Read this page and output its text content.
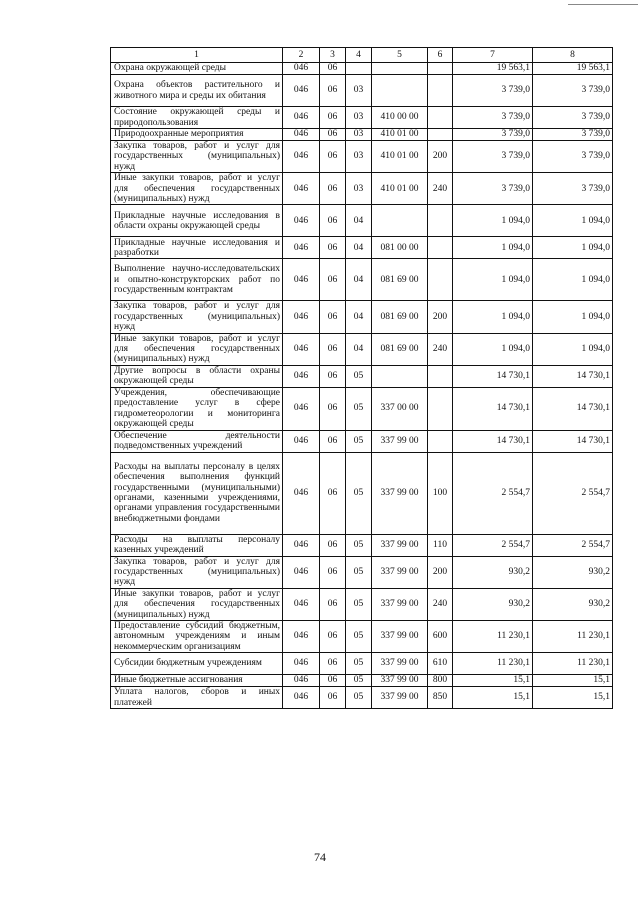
1	2	3	4	5	6	7	8
Охрана окружающей среды	046	06				19 563,1	19 563,1
Охрана объектов растительного и животного мира и среды их обитания	046	06	03			3 739,0	3 739,0
Состояние окружающей среды и природопользования	046	06	03	410 00 00		3 739,0	3 739,0
Природоохранные мероприятия	046	06	03	410 01 00		3 739,0	3 739,0
Закупка товаров, работ и услуг для государственных (муниципальных) нужд	046	06	03	410 01 00	200	3 739,0	3 739,0
Иные закупки товаров, работ и услуг для обеспечения государственных (муниципальных) нужд	046	06	03	410 01 00	240	3 739,0	3 739,0
Прикладные научные исследования в области охраны окружающей среды	046	06	04			1 094,0	1 094,0
Прикладные научные исследования и разработки	046	06	04	081 00 00		1 094,0	1 094,0
Выполнение научно-исследовательских и опытно-конструкторских работ по государственным контрактам	046	06	04	081 69 00		1 094,0	1 094,0
Закупка товаров, работ и услуг для государственных (муниципальных) нужд	046	06	04	081 69 00	200	1 094,0	1 094,0
Иные закупки товаров, работ и услуг для обеспечения государственных (муниципальных) нужд	046	06	04	081 69 00	240	1 094,0	1 094,0
Другие вопросы в области охраны окружающей среды	046	06	05			14 730,1	14 730,1
Учреждения, обеспечивающие предоставление услуг в сфере гидрометеорологии и мониторинга окружающей среды	046	06	05	337 00 00		14 730,1	14 730,1
Обеспечение деятельности подведомственных учреждений	046	06	05	337 99 00		14 730,1	14 730,1
Расходы на выплаты персоналу в целях обеспечения выполнения функций государственными (муниципальными) органами, казенными учреждениями, органами управления государственными внебюджетными фондами	046	06	05	337 99 00	100	2 554,7	2 554,7
Расходы на выплаты персоналу казенных учреждений	046	06	05	337 99 00	110	2 554,7	2 554,7
Закупка товаров, работ и услуг для государственных (муниципальных) нужд	046	06	05	337 99 00	200	930,2	930,2
Иные закупки товаров, работ и услуг для обеспечения государственных (муниципальных) нужд	046	06	05	337 99 00	240	930,2	930,2
Предоставление субсидий бюджетным, автономным учреждениям и иным некоммерческим организациям	046	06	05	337 99 00	600	11 230,1	11 230,1
Субсидии бюджетным учреждениям	046	06	05	337 99 00	610	11 230,1	11 230,1
Иные бюджетные ассигнования	046	06	05	337 99 00	800	15,1	15,1
Уплата налогов, сборов и иных платежей	046	06	05	337 99 00	850	15,1	15,1
74
